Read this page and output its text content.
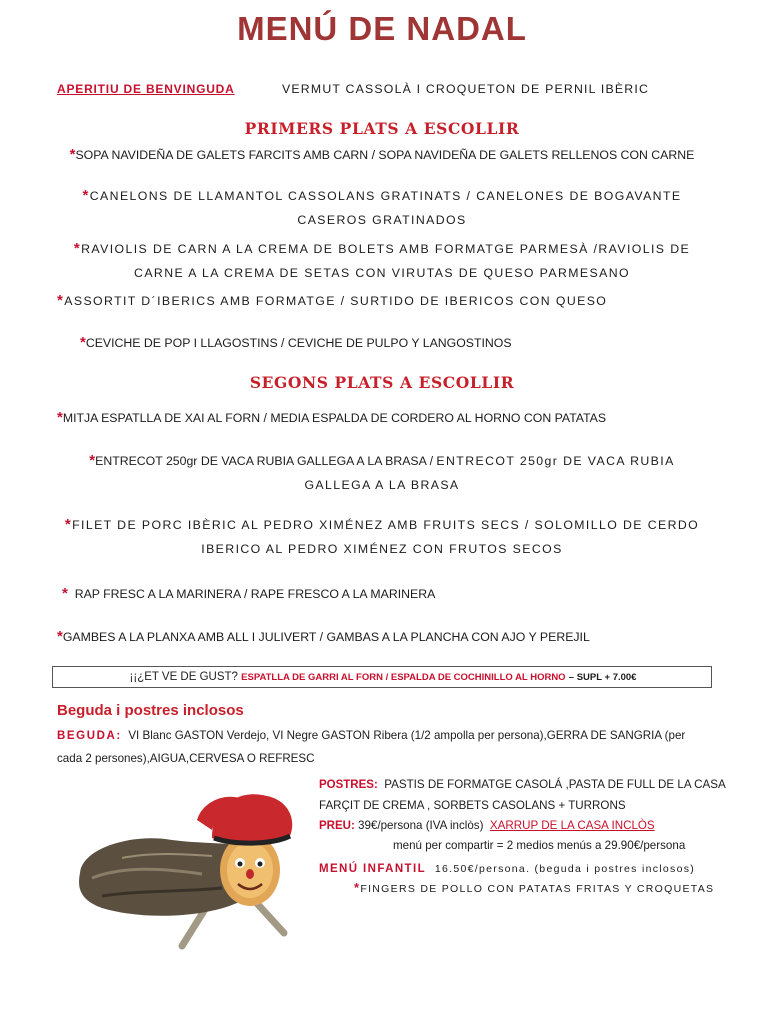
MENÚ DE NADAL
APERITIU DE BENVINGUDA	VERMUT CASSOLÀ I CROQUETON DE PERNIL IBÈRIC
PRIMERS PLATS A ESCOLLIR
*SOPA NAVIDEÑA DE GALETS FARCITS AMB CARN / SOPA NAVIDEÑA DE GALETS RELLENOS CON CARNE
*CANELONS DE LLAMANTOL CASSOLANS GRATINATS / CANELONES DE BOGAVANTE
CASEROS GRATINADOS
*RAVIOLIS DE CARN A LA CREMA DE BOLETS AMB FORMATGE PARMESÀ /RAVIOLIS DE
CARNE A LA CREMA DE SETAS CON VIRUTAS DE QUESO PARMESANO
*ASSORTIT D´IBERICS AMB FORMATGE / SURTIDO DE IBERICOS CON QUESO
*CEVICHE DE POP I LLAGOSTINS / CEVICHE DE PULPO Y LANGOSTINOS
SEGONS PLATS A ESCOLLIR
*MITJA ESPATLLA DE XAI AL FORN / MEDIA ESPALDA DE CORDERO AL HORNO CON PATATAS
*ENTRECOT 250gr DE VACA RUBIA GALLEGA A LA BRASA / ENTRECOT 250gr DE VACA RUBIA
GALLEGA A LA BRASA
*FILET DE PORC IBÈRIC AL PEDRO XIMÉNEZ AMB FRUITS SECS / SOLOMILLO DE CERDO
IBERICO AL PEDRO XIMÉNEZ CON FRUTOS SECOS
* RAP FRESC A LA MARINERA / RAPE FRESCO A LA MARINERA
*GAMBES A LA PLANXA AMB ALL I JULIVERT / GAMBAS A LA PLANCHA CON AJO Y PEREJIL
¡¡¿ET VE DE GUST? ESPATLLA DE GARRI AL FORN / ESPALDA DE COCHINILLO AL HORNO – SUPL + 7.00€
Beguda i postres inclosos
BEGUDA: VI Blanc GASTON Verdejo, VI Negre GASTON Ribera (1/2 ampolla per persona),GERRA DE SANGRIA (per
cada 2 persones),AIGUA,CERVESA O REFRESC
POSTRES: PASTIS DE FORMATGE CASOLÁ ,PASTA DE FULL DE LA CASA
FARÇIT DE CREMA , SORBETS CASOLANS + TURRONS
PREU: 39€/persona (IVA inclòs) XARRUP DE LA CASA INCLÒS
menú per compartir = 2 medios menús a 29.90€/persona
MENÚ INFANTIL 16.50€/persona. (beguda i postres inclosos)
*FINGERS DE POLLO CON PATATAS FRITAS Y CROQUETAS
